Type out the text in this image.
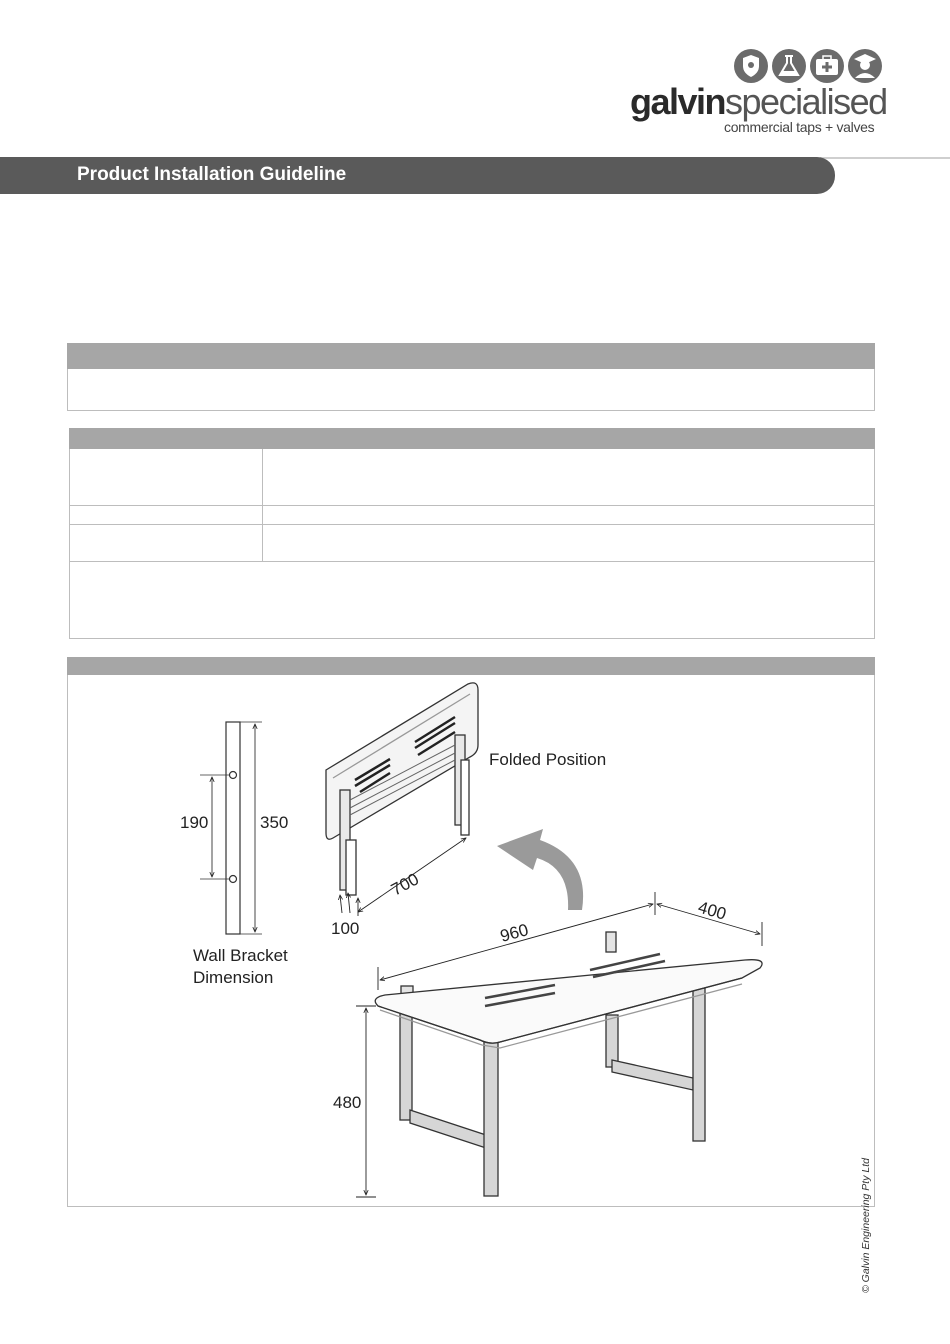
galvinspecialised
commercial taps + valves
Product Installation Guideline
190	350
Wall Bracket
Dimension
Folded Position
700
100	960
400
480
© Galvin Engineering Pty Ltd
